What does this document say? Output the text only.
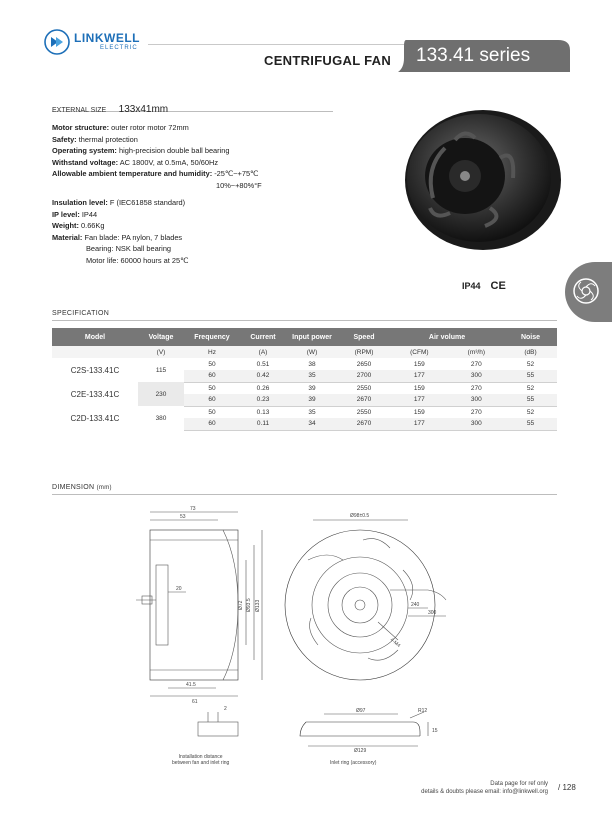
LINKWELL
ELECTRIC
CENTRIFUGAL FAN 133.41 series
EXTERNAL SIZE 133x41mm
Motor structure: outer rotor motor 72mm
Safety: thermal protection
Operating system: high-precision double ball bearing
Withstand voltage: AC 1800V, at 0.5mA, 50/60Hz
Allowable ambient temperature and humidity: -25℃~+75℃
10%~+80%°F
Insulation level: F (IEC61858 standard)
IP level: IP44
Weight: 0.66Kg
Material: Fan blade: PA nylon, 7 blades
Bearing: NSK ball bearing
Motor life: 60000 hours at 25℃
IP44 CE
SPECIFICATION
Model	Voltage	Frequency	Current	Input power	Speed	Air volume		Noise
	(V)	Hz	(A)	(W)	(RPM)	(CFM)	(m³/h)	(dB)
C2S-133.41C	115	50	0.51	38	2650	159	270	52
		60	0.42	35	2700	177	300	55
C2E-133.41C	230	50	0.26	39	2550	159	270	52
		60	0.23	39	2670	177	300	55
C2D-133.41C	380	50	0.13	35	2550	159	270	52
		60	0.11	34	2670	177	300	55
DIMENSION (mm)
73
53
20
41.5
61
Ø72 Ø93.5 Ø133
Ø98±0.5
240
300
4-M4
2	Ø97	R12
15
Ø129
Installation distance
between fan and inlet ring	Inlet ring (accessory)
Data page for ref only
details & doubts please email: info@linkwell.org / 128
